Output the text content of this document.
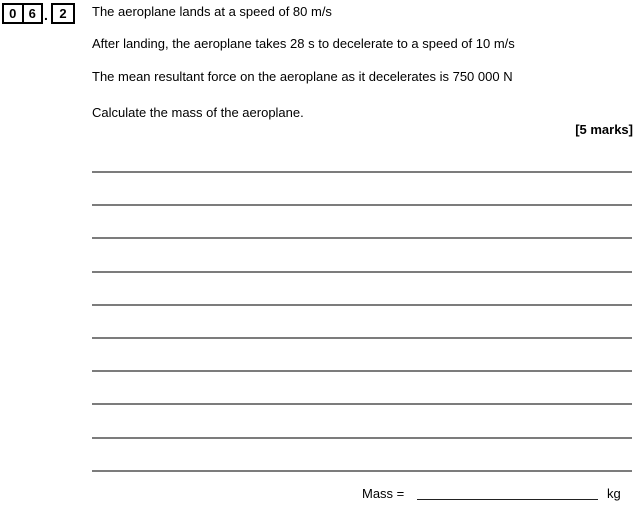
0 6 . 2	The aeroplane lands at a speed of 80 m/s

After landing, the aeroplane takes 28 s to decelerate to a speed of 10 m/s

The mean resultant force on the aeroplane as it decelerates is 750 000 N

Calculate the mass of the aeroplane.

[5 marks]
Mass =	kg
